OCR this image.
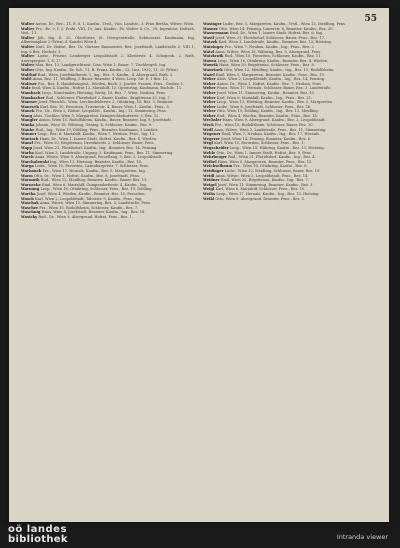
55

Walter Anton, Dr., Bez., 11, E. 8, 1, Kaufm., Trstl., Vnn. Landstr., 3. Frau Bertha, Witwe, Wien.

Walter Frz., Bz. 9, f. 2, Prakt. VIII, 10, Anz. Kaufm., Fa. Walter & Co., 20, Ingenieur, Hofrath, Verl., 11.

Walter Joh. Ing. E. 25. Oberforstr. St. Georgenstraße. Sektionsrat. Kaufmann, Ing. Albertinaplatz 2 (Wien) d. Kanzlei Wien 4.

Walter Karl, Dr. Hofrat, Bez. Dr. Gärtner Baumeister. Bez. Josefstadt, Landstraße 2, VIII 1, Ing. 6 Bez. Hochstr. 2.

Walter Ludw., Friseur, Lemberger Leopoldstadt 2, Klosterstr. 4. Schopenh. 2, Rath. Auerspergstr. 1, 8, 17.

Walter Max, Bez. 13, Landgerichtsrat, Linz, Wien 1, Bauer, 7, Tischlergeh. Ing.

Walter Otto, Ing. Kaufm., Dr. Sch. 11, B. Franz, Kaufm., 12, Linz, 1932, 11, 20 (Wien).

Walthof Rud., Wien, Josefstädterstr. 1, Ing., Bez. 9, Kaufm., 4, Alsergrund, Rath. 2.

Waltl Anna, Bez. 11, Weidling, 5 Bauer, Beamter, 4 Wien, Leop. Str. 6, 1 Bez. 12.

Waltner Frz., Bez. 4, Handelsangest., Wieden, Buch. 2, Josefst. Frauen, Pens., Gruber, 5.

Walz Emil, Wien 4, Kaufm., Hofrat 12, Mariahilf, 13, Opernring, Kaufmann, Buchdr., 11.

Wambach Leop., Kunstmaler, Hietzing, Wattg. 18, Bez. 7, Wien, Neubau, Pens.

Wambacher Rud., Schlosser, Floridsdorf 2, Bauer, Kaufm., Brigittenau 20, Ing. 7.

Wamser Josef, Fleischh., Wien, Lerchenfelderstr. 2, Ottakring, 16, Bez. 3, Beamter.

Wanecek Karl, Bez. 10, Favoriten, Triesterstr. 4, Bauer, Wien 1, Kaufm., Pens., 5.

Wanek Frz., Dr., Wien 2, Hofrat, Leopoldst., Kaufm., Ing., 11, Simmering, Pens.

Wang Alois, Tischler, Wien 5, Margareten, Reinprechtsdorferstr. 3, Bez. 12.

Wangler Anton, Wien 15, Rudolfsheim, Kaufm., Bauer, Beamter, Ing. 8, Josefstadt.

Wanka Johann, Wien 18, Währing, Gentzg. 4, Schlosser, Kaufm., Bez. 9.

Wanke Rud., Ing., Wien 19, Döbling, Pens., Beamter, Kaufmann, 3 Landstr.

Wanner Leop., Bez. 6, Mariahilf, Kaufm., Wien 7, Neubau, Pens., Ing. 13.

Wantoch Hans, Dr., Wien 1, Innere Stadt, Hofrat, Kaufm., Bez. 4, Wieden.

Wanzl Frz., Wien 20, Brigittenau, Dresdnerstr. 2, Schlosser, Bauer, Pens.

Wapp Josef, Wien 21, Floridsdorf, Kaufm., Ing., Beamter, Bez. 14, Penzing.

Warba Karl, Wien 3, Landstraße, Ungarg. 5, Kaufmann, Pens., Bez. 11, Simmering.

Warch Anna, Witwe, Wien 9, Alsergrund, Porzellang. 3, Bez. 2, Leopoldstadt.

Warchalowski Ing., Wien 13, Hietzing, Beamter, Kaufm., Bez. 16.

Warga Ludw., Wien 10, Favoriten, Laxenburgerstr. 7, Schlosser, Pens.

Warhanek Frz., Wien 17, Hernals, Kaufm., Bez. 5, Margareten, Ing.

Warm Otto, Dr., Wien 1, Hofrat, Kaufm., Bez. 8, Josefstadt, Pens.

Warmuth Rud., Wien 12, Meidling, Beamter, Kaufm., Bauer, Bez. 15.

Warnecke Emil, Wien 6, Mariahilf, Gumpendorferstr. 4, Kaufm., Ing.

Warnung Leop., Wien 16, Ottakring, Schlosser, Pens., Bez. 19, Döbling.

Wartha Josef, Wien 4, Wieden, Kaufm., Beamter, Bez. 10, Favoriten.

Wasch Karl, Wien 2, Leopoldstadt, Taborstr. 9, Kaufm., Pens., Ing.

Waschak Anna, Witwe, Wien 11, Simmering, Bez. 3, Landstraße, Pens.

Wascher Frz., Wien 15, Rudolfsheim, Schlosser, Kaufm., Bez. 7.

Waschnig Hans, Wien 8, Josefstadt, Beamter, Kaufm., Ing., Bez. 18.

Wasicky Rud., Dr., Wien 9, Alsergrund, Hofrat, Pens., Bez. 1.

Wasinger Ludw., Bez. 5, Margareten, Kaufm., Trstl., Wien 12, Meidling, Pens.

Wasner Otto, Wien 14, Penzing, Linzerstr. 6, Beamter, Kaufm., Bez. 20.

Wassermann Emil, Dr., Wien 1, Innere Stadt, Hofrat, Bez. 6, Ing.

Wastl Josef, Wien 21, Floridsdorf, Schlosser, Bauer, Pens., Bez. 17.

Watzek Karl, Wien 3, Landstraße, Kaufm., Beamter, Bez. 13, Hietzing.

Watzinger Frz., Wien 7, Neubau, Kaufm., Ing., Pens., Bez. 2.

Watzl Anna, Witwe, Wien 18, Währing, Bez. 9, Alsergrund, Pens.

Watzlawik Rud., Wien 10, Favoriten, Schlosser, Kaufm., Bez. 11.

Wawra Leop., Wien 16, Ottakring, Kaufm., Beamter, Bez. 4, Wieden.

Wawrik Hans, Wien 20, Brigittenau, Schlosser, Pens., Bez. 8.

Wawrinek Otto, Wien 12, Meidling, Kaufm., Ing., Bez. 15, Rudolfsheim.

Wazel Emil, Wien 5, Margareten, Beamter, Kaufm., Pens., Bez. 19.

Weber Alois, Wien 2, Leopoldstadt, Kaufm., Ing., Bez. 14, Penzing.

Weber Anton, Dr., Wien 1, Hofrat, Kaufm., Bez. 7, Neubau, Pens.

Weber Franz, Wien 17, Hernals, Schlosser, Bauer, Bez. 3, Landstraße.

Weber Josef, Wien 11, Simmering, Kaufm., Beamter, Bez. 10.

Weber Karl, Wien 6, Mariahilf, Kaufm., Ing., Pens., Bez. 21.

Weber Leop., Wien 13, Hietzing, Beamter, Kaufm., Bez. 5, Margareten.

Weber Ludw., Wien 8, Josefstadt, Schlosser, Pens., Bez. 16.

Weber Otto, Wien 19, Döbling, Kaufm., Ing., Bez. 12, Meidling.

Weber Rud., Wien 4, Wieden, Beamter, Kaufm., Pens., Bez. 18.

Wechsler Hans, Wien 9, Alsergrund, Kaufm., Bez. 2, Leopoldstadt.

Weck Frz., Wien 15, Rudolfsheim, Schlosser, Bauer, Bez. 20.

Wedl Anna, Witwe, Wien 3, Landstraße, Pens., Bez. 11, Simmering.

Wegener Emil, Wien 7, Neubau, Kaufm., Ing., Bez. 17, Hernals.

Wegerer Josef, Wien 14, Penzing, Beamter, Kaufm., Bez. 6.

Wegl Karl, Wien 10, Favoriten, Schlosser, Pens., Bez. 1.

Wegscheider Leop., Wien 18, Währing, Kaufm., Bez. 13, Hietzing.

Wehle Otto, Dr., Wien 1, Innere Stadt, Hofrat, Bez. 9, Pens.

Wehrberger Rud., Wien 21, Floridsdorf, Kaufm., Ing., Bez. 4.

Weibel Hans, Wien 5, Margareten, Beamter, Pens., Bez. 15.

Weichselbaum Frz., Wien 16, Ottakring, Kaufm., Bez. 8.

Weidinger Ludw., Wien 12, Meidling, Schlosser, Bauer, Bez. 19.

Weidl Anna, Witwe, Wien 2, Leopoldstadt, Pens., Bez. 14.

Weidner Emil, Wien 20, Brigittenau, Kaufm., Ing., Bez. 7.

Weigel Josef, Wien 11, Simmering, Beamter, Kaufm., Bez. 3.

Weigl Karl, Wien 6, Mariahilf, Schlosser, Pens., Bez. 10.

Weihs Leop., Wien 17, Hernals, Kaufm., Ing., Bez. 13, Hietzing.

Weikl Otto, Wien 9, Alsergrund, Beamter, Pens., Bez. 5.

oö landes
bibliothek	Intranda viewer
